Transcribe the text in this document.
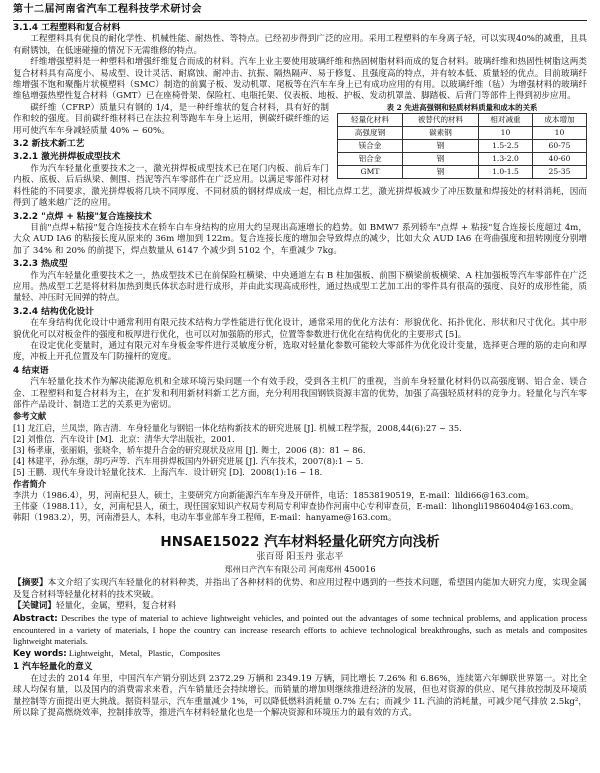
第十二届河南省汽车工程科技学术研讨会
3.1.4 工程塑料和复合材料

工程塑料具有优良的耐化学性、机械性能、耐热性、等特点。已经初步得到广泛的应用。采用工程塑料的车身离子轻，可以实现40%的减重，且具有耐锈蚀，在低速碰撞的情况下无需维修的特点。

纤维增强塑料是一种塑料和增强纤维复合而成的材料。汽车上业主要使用玻璃纤维和热固树脂材料而成的复合材料。玻璃纤维和热固性树脂这两类复合材料具有高度小、易成型、设计灵活、耐腐蚀、耐冲击、抗振、隔热隔声、易于修复、且强度高的特点，并有较本低、质量轻的优点。目前玻璃纤维增强不饱和聚酯片状模塑料（SMC）制造的前翼子板、发动机罩、尾板等在汽车车身上已有成功应用的有用。以玻璃纤维（毡）为增强材料的玻璃纤维毡增强热塑性复合材料（GMT）已在座椅骨架、保险杠、电瓶托架、仪表板、地板、护板、发动机罩盖、脚踏板、后背门等部件上得到初步应用。

表 2 先进高强钢和轻质材料质量和成本的关系
轻量化材料	被替代的材料	相对减重	成本增加
高强度钢	碳素钢	10	10
镁合金	钢	1.5-2.5	60-75
铝合金	钢	1.3-2.0	40-60
GMT	钢	1.0-1.5	25-35

碳纤维（CFRP）质量只有钢的 1/4，是一种纤维状的复合材料，具有好的制作和较的强度。目前碳纤维材料已在法拉利等跑车车身上运用，例碳纤碳纤维的运用可使汽车车身减轻质量 40% ~ 60%。

3.2 新技术新工艺
3.2.1 激光拼焊板成型技术

作为汽车轻量化重要技术之一，激光拼焊板成型技术已在尾门内板、前后车门内板、底板、后后纵梁、侧围、挡泥等汽车零部件在广泛应用。以满足零部件对材料性能的不同要求，激光拼焊板将几块不同厚度、不同材质的钢材焊成成一起，相比点焊工艺，激光拼焊板减少了冲压数量和焊接处的材料消耗，因而得到了越来越广泛的应用。

3.2.2 "点焊 + 粘接"复合连接技术

目前"点焊+粘接"复合连接技术在轿车白车身结构的应用大约呈现出高速增长的趋势。如 BMW7 系列轿车"点焊 + 粘接"复合连接长度超过 4m，大众 AUD IA6 的粘接长度从原来的 36m 增加到 122m。复合连接长度的增加会导致焊点的减少，比如大众 AUD IA6 在弯曲强度和扭转刚度分别增加了 34% 和 20% 的前提下，焊点数量从 6147 个减少到 5102 个，车重减少 7kg。

3.2.3 热成型

作为汽车轻量化重要技术之一，热成型技术已在前保险杠横梁、中央通道左右 B 柱加强板、前围下横梁前板横梁、A 柱加强板等汽车零部件在广泛应用。热成型工艺是将材料加热到奥氏体状态时进行成形，并由此实现高成形性，通过热成型工艺加工出的零件具有很高的强度、良好的成形性能，质量轻、冲压时无回弹的特点。

3.2.4 结构优化设计

在车身结构优化设计中通常利用有限元技术结构力学性能进行优化设计，通常采用的优化方法有：形貌优化、拓扑优化、形状和尺寸优化。其中形貌优化可以对板金件的强度和板厚进行优化，也可以对加强筋的形式，位置等参数进行优化在结构优化的主要形式 [5]。

在设定优化变量时，通过有限元对车身板金零件进行灵敏度分析，选取对轻量化参数可能较大零部件为优化设计变量，选择更合理的筋的走向和厚度，冲板上开孔位置及车门防撞杆的宽度。

4 结束语

汽车轻量化技术作为解决能源危机和全球环境污染问题一个有效手段，受到各主机厂的重视，当前车身轻量化材料仍以高强度钢、铝合金、镁合金、工程塑料和复合材料为主，在扩发和利用新材料新工艺方面，充分利用我国钢铁资源丰富的优势，加强了高强轻质材料的竞争力。轻量化与汽车零部件产品设计、制造工艺的关系更为密切。

参考文献
[1] 龙江启，兰凤崇，陈吉清．车身轻量化与钢铝一体化结构新技术的研究进展 [J]. 机械工程学报，2008,44(6):27 ~ 35.
[2] 刘惟信．汽车设计 [M]．北京：清华大学出版社，2001.
[3] 杨孝康，张丽娟，张晓伞，轿车提升合金的研究现状及应用 [J]. 舞士，2006 (8)：81 ~ 86.
[4] 林建平，孙东继，胡巧声等．汽车用拼焊板国内外研究进展 [J]. 汽车技术，2007(8):1 ~ 5.
[5] 王鹏．现代车身设计轻量化技术．上海汽车．设计研究 [D]．2008(1):16 ~ 18.
作者简介
李洪力（1986.4），男，河南杞县人，硕士，主要研究方向新能源汽车车身及开研件，电话：18538190519，E-mail：lildi66@163.com。
王伟豪（1988.11），女，河南杞县人，硕士，现任国家知识产权局专利局专利审查协作河南中心专利审查员，E-mail：lihongli19860404@163.com。
韩阳（1983.2），男，河南滑县人，本科，电动车事业部车身工程师，E-mail：hanyame@163.com。
HNSAE15022 汽车材料轻量化研究方向浅析
张百哥 阳玉丹 张志平
郑州日产汽车有限公司 河南郑州 450016

【摘要】本文介绍了实现汽车轻量化的材料种类，并指出了各种材料的优势、和应用过程中遇到的一些技术问题，希望国内能加大研究力度，实现金属及复合材料等轻量化材料的技术突破。

【关键词】轻量化，金属，塑料，复合材料

Abstract: Describes the type of material to achieve lightweight vehicles, and pointed out the advantages of some technical problems, and application process encountered in a variety of materials, I hope the country can increase research efforts to achieve technological breakthroughs, such as metals and composites lightweight materials.

Key words: Lightweight，Metal，Plastic，Composites

1 汽车轻量化的意义

在过去的 2014 年里，中国汽车产销分别达到 2372.29 万辆和 2349.19 万辆，同比增长 7.26% 和 6.86%，连续第六年蝉联世界第一。对比全球人均保有量，以及国内的消费需求来看，汽车销量还会持续增长。而销量的增加则继续推进经济的发展，但也对资源的供应、尾气排放控制及环境质量控制等方面提出更大挑战。据资料显示，汽车重量减少 1%，可以降低燃料消耗量 0.7% 左右；而减少 1L 汽油的消耗量，可减少尾气排放 2.5kg²，所以除了提高燃烧效率，控制排放等，推进汽车材料轻量化也是一个解决资源和环境压力的最有效的方式。
